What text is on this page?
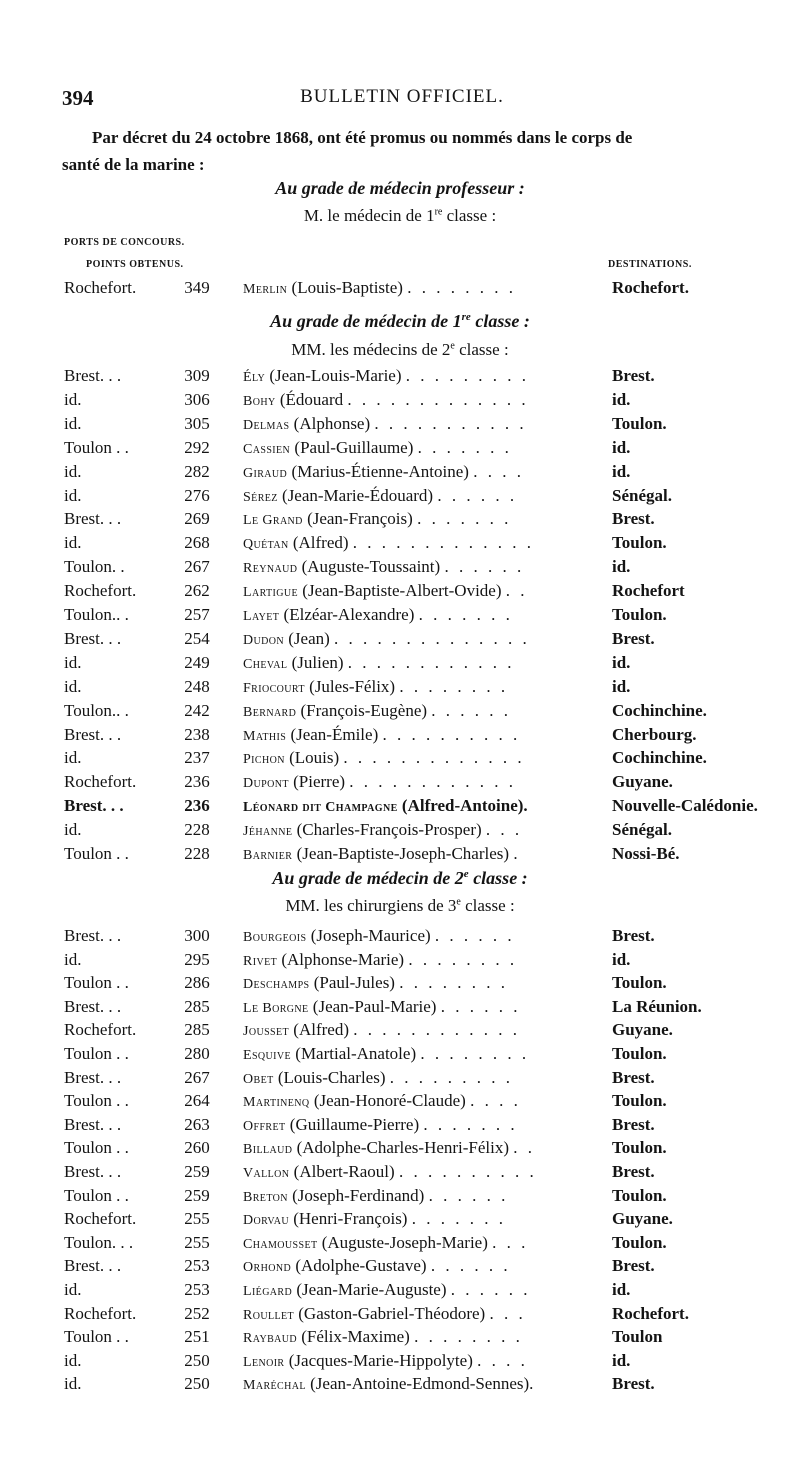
394	BULLETIN OFFICIEL.
Par décret du 24 octobre 1868, ont été promus ou nommés dans le corps de
santé de la marine :
Au grade de médecin professeur :
M. le médecin de 1re classe :
PORTS DE CONCOURS.
POINTS OBTENUS.	DESTINATIONS.
Rochefort.	349	Merlin (Louis-Baptiste) . . . . . . . .	Rochefort.
Au grade de médecin de 1re classe :
MM. les médecins de 2e classe :
Brest. . .	309	Ély (Jean-Louis-Marie) . . . . . . . . .	Brest.
id.	306	Bohy (Édouard . . . . . . . . . . . . .	id.
id.	305	Delmas (Alphonse) . . . . . . . . . . .	Toulon.
Toulon . .	292	Cassien (Paul-Guillaume) . . . . . . .	id.
id.	282	Giraud (Marius-Étienne-Antoine) . . . .	id.
id.	276	Sérez (Jean-Marie-Édouard) . . . . . .	Sénégal.
Brest. . .	269	Le Grand (Jean-François) . . . . . . .	Brest.
id.	268	Quétan (Alfred) . . . . . . . . . . . . .	Toulon.
Toulon. .	267	Reynaud (Auguste-Toussaint) . . . . . .	id.
Rochefort.	262	Lartigue (Jean-Baptiste-Albert-Ovide) . .	Rochefort
Toulon.. .	257	Layet (Elzéar-Alexandre) . . . . . . .	Toulon.
Brest. . .	254	Dudon (Jean) . . . . . . . . . . . . . .	Brest.
id.	249	Cheval (Julien) . . . . . . . . . . . .	id.
id.	248	Friocourt (Jules-Félix) . . . . . . . .	id.
Toulon.. .	242	Bernard (François-Eugène) . . . . . .	Cochinchine.
Brest. . .	238	Mathis (Jean-Émile) . . . . . . . . . .	Cherbourg.
id.	237	Pichon (Louis) . . . . . . . . . . . . .	Cochinchine.
Rochefort.	236	Dupont (Pierre) . . . . . . . . . . . .	Guyane.
Brest. . .	236	Léonard dit Champagne (Alfred-Antoine).	Nouvelle-Calédonie.
id.	228	Jéhanne (Charles-François-Prosper) . . .	Sénégal.
Toulon . .	228	Barnier (Jean-Baptiste-Joseph-Charles) .	Nossi-Bé.
Au grade de médecin de 2e classe :
MM. les chirurgiens de 3e classe :
Brest. . .	300	Bourgeois (Joseph-Maurice) . . . . . .	Brest.
id.	295	Rivet (Alphonse-Marie) . . . . . . . .	id.
Toulon . .	286	Deschamps (Paul-Jules) . . . . . . . .	Toulon.
Brest. . .	285	Le Borgne (Jean-Paul-Marie) . . . . . .	La Réunion.
Rochefort.	285	Jousset (Alfred) . . . . . . . . . . . .	Guyane.
Toulon . .	280	Esquive (Martial-Anatole) . . . . . . . .	Toulon.
Brest. . .	267	Obet (Louis-Charles) . . . . . . . . .	Brest.
Toulon . .	264	Martinenq (Jean-Honoré-Claude) . . . .	Toulon.
Brest. . .	263	Offret (Guillaume-Pierre) . . . . . . .	Brest.
Toulon . .	260	Billaud (Adolphe-Charles-Henri-Félix) . .	Toulon.
Brest. . .	259	Vallon (Albert-Raoul) . . . . . . . . . .	Brest.
Toulon . .	259	Breton (Joseph-Ferdinand) . . . . . .	Toulon.
Rochefort.	255	Dorvau (Henri-François) . . . . . . .	Guyane.
Toulon. . .	255	Chamousset (Auguste-Joseph-Marie) . . .	Toulon.
Brest. . .	253	Orhond (Adolphe-Gustave) . . . . . .	Brest.
id.	253	Liégard (Jean-Marie-Auguste) . . . . . .	id.
Rochefort.	252	Roullet (Gaston-Gabriel-Théodore) . . .	Rochefort.
Toulon . .	251	Raybaud (Félix-Maxime) . . . . . . . .	Toulon
id.	250	Lenoir (Jacques-Marie-Hippolyte) . . . .	id.
id.	250	Maréchal (Jean-Antoine-Edmond-Sennes).	Brest.
